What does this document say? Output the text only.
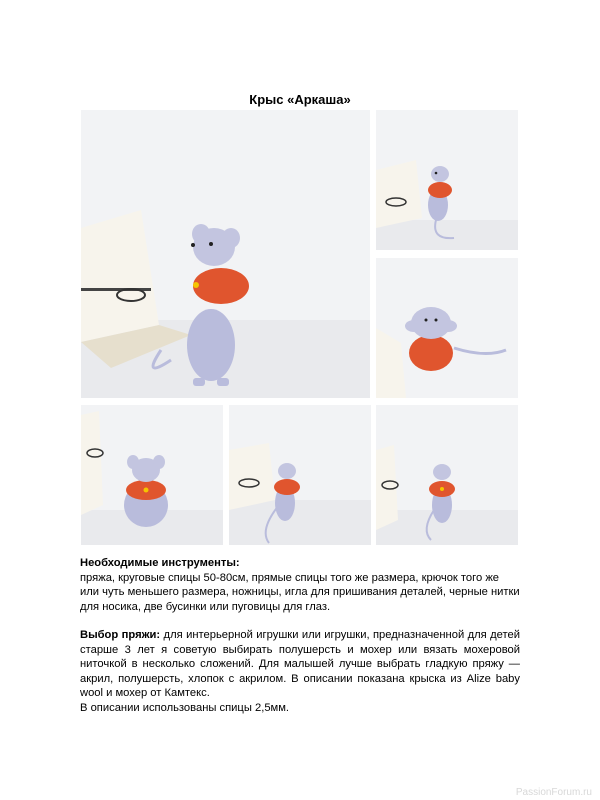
Крыс «Аркаша»
Необходимые инструменты:
пряжа, круговые спицы 50-80см, прямые спицы того же размера, крючок того же или чуть меньшего размера, ножницы, игла для пришивания деталей, черные нитки для носика, две бусинки или пуговицы для глаз.
Выбор пряжи: для интерьерной игрушки или игрушки, предназначенной для детей старше 3 лет я советую выбирать полушерсть и мохер или вязать мохеровой ниточкой в несколько сложений. Для малышей лучше выбрать гладкую пряжу — акрил, полушерсть, хлопок с акрилом. В описании показана крыска из Alize baby wool и мохер от Камтекс.
В описании использованы спицы 2,5мм.
PassionForum.ru
